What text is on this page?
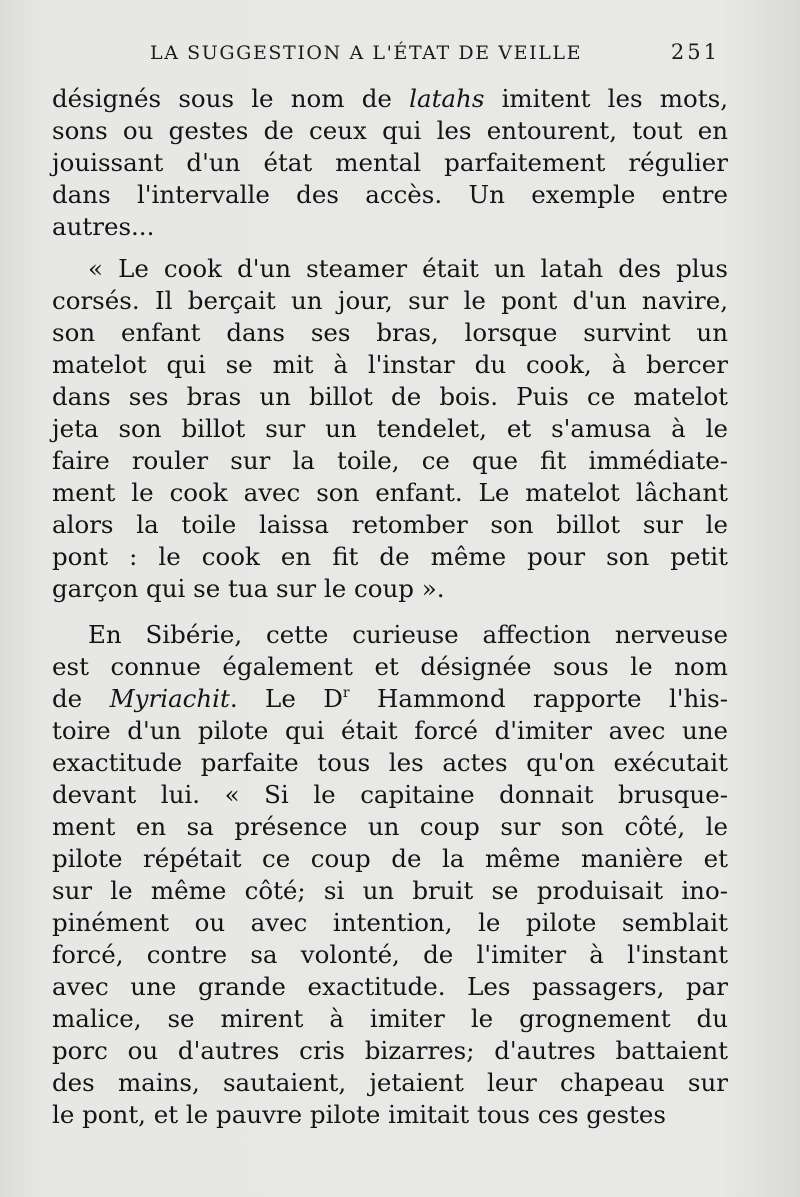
LA SUGGESTION A L'ÉTAT DE VEILLE	251
désignés sous le nom de latahs imitent les mots,
sons ou gestes de ceux qui les entourent, tout en
jouissant d'un état mental parfaitement régulier
dans l'intervalle des accès. Un exemple entre
autres...
« Le cook d'un steamer était un latah des plus
corsés. Il berçait un jour, sur le pont d'un navire,
son enfant dans ses bras, lorsque survint un
matelot qui se mit à l'instar du cook, à bercer
dans ses bras un billot de bois. Puis ce matelot
jeta son billot sur un tendelet, et s'amusa à le
faire rouler sur la toile, ce que fit immédiate-
ment le cook avec son enfant. Le matelot lâchant
alors la toile laissa retomber son billot sur le
pont : le cook en fit de même pour son petit
garçon qui se tua sur le coup ».
En Sibérie, cette curieuse affection nerveuse
est connue également et désignée sous le nom
de Myriachit. Le $D^r$ Hammond rapporte l'his-
toire d'un pilote qui était forcé d'imiter avec une
exactitude parfaite tous les actes qu'on exécutait
devant lui. « Si le capitaine donnait brusque-
ment en sa présence un coup sur son côté, le
pilote répétait ce coup de la même manière et
sur le même côté; si un bruit se produisait ino-
pinément ou avec intention, le pilote semblait
forcé, contre sa volonté, de l'imiter à l'instant
avec une grande exactitude. Les passagers, par
malice, se mirent à imiter le grognement du
porc ou d'autres cris bizarres; d'autres battaient
des mains, sautaient, jetaient leur chapeau sur
le pont, et le pauvre pilote imitait tous ces gestes
